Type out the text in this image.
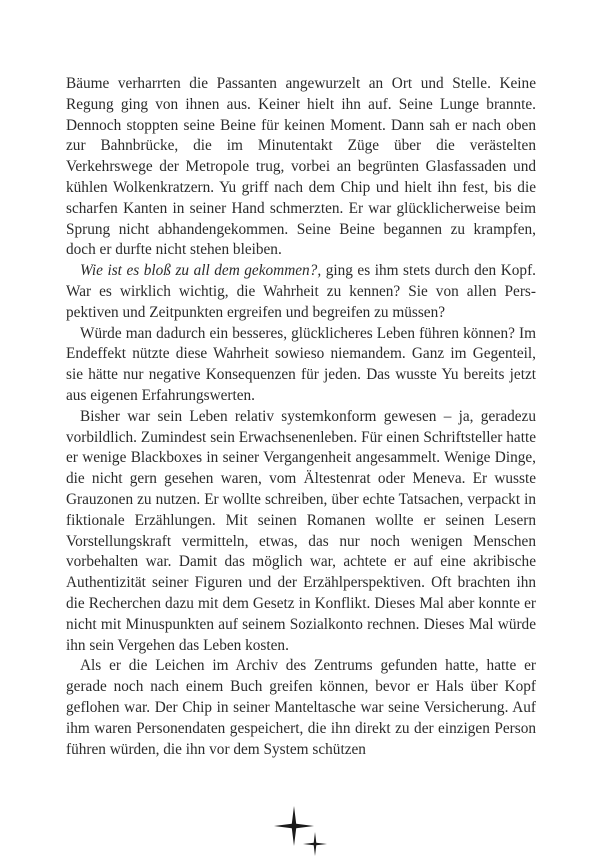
Bäume verharrten die Passanten angewurzelt an Ort und Stelle. Keine Regung ging von ihnen aus. Keiner hielt ihn auf. Seine Lunge brannte. Dennoch stoppten seine Beine für keinen Moment. Dann sah er nach oben zur Bahnbrücke, die im Minutentakt Züge über die verästelten Verkehrswege der Metropole trug, vorbei an begrünten Glasfassaden und kühlen Wolkenkratzern. Yu griff nach dem Chip und hielt ihn fest, bis die scharfen Kanten in seiner Hand schmerzten. Er war glücklicherweise beim Sprung nicht abhandengekommen. Seine Beine begannen zu krampfen, doch er durfte nicht stehen bleiben.

Wie ist es bloß zu all dem gekommen?, ging es ihm stets durch den Kopf. War es wirklich wichtig, die Wahrheit zu kennen? Sie von allen Perspektiven und Zeitpunkten ergreifen und begreifen zu müssen?

Würde man dadurch ein besseres, glücklicheres Leben führen können? Im Endeffekt nützte diese Wahrheit sowieso niemandem. Ganz im Gegenteil, sie hätte nur negative Konsequenzen für jeden. Das wusste Yu bereits jetzt aus eigenen Erfahrungswerten.

Bisher war sein Leben relativ systemkonform gewesen – ja, geradezu vorbildlich. Zumindest sein Erwachsenenleben. Für einen Schriftsteller hatte er wenige Blackboxes in seiner Vergangenheit angesammelt. Wenige Dinge, die nicht gern gesehen waren, vom Ältestenrat oder Meneva. Er wusste Grauzonen zu nutzen. Er wollte schreiben, über echte Tatsachen, verpackt in fiktionale Erzählungen. Mit seinen Romanen wollte er seinen Lesern Vorstellungskraft vermitteln, etwas, das nur noch wenigen Menschen vorbehalten war. Damit das möglich war, achtete er auf eine akribische Authentizität seiner Figuren und der Erzählperspektiven. Oft brachten ihn die Recherchen dazu mit dem Gesetz in Konflikt. Dieses Mal aber konnte er nicht mit Minuspunkten auf seinem Sozialkonto rechnen. Dieses Mal würde ihn sein Vergehen das Leben kosten.

Als er die Leichen im Archiv des Zentrums gefunden hatte, hatte er gerade noch nach einem Buch greifen können, bevor er Hals über Kopf geflohen war. Der Chip in seiner Manteltasche war seine Versicherung. Auf ihm waren Personendaten gespeichert, die ihn direkt zu der einzigen Person führen würden, die ihn vor dem System schützen
